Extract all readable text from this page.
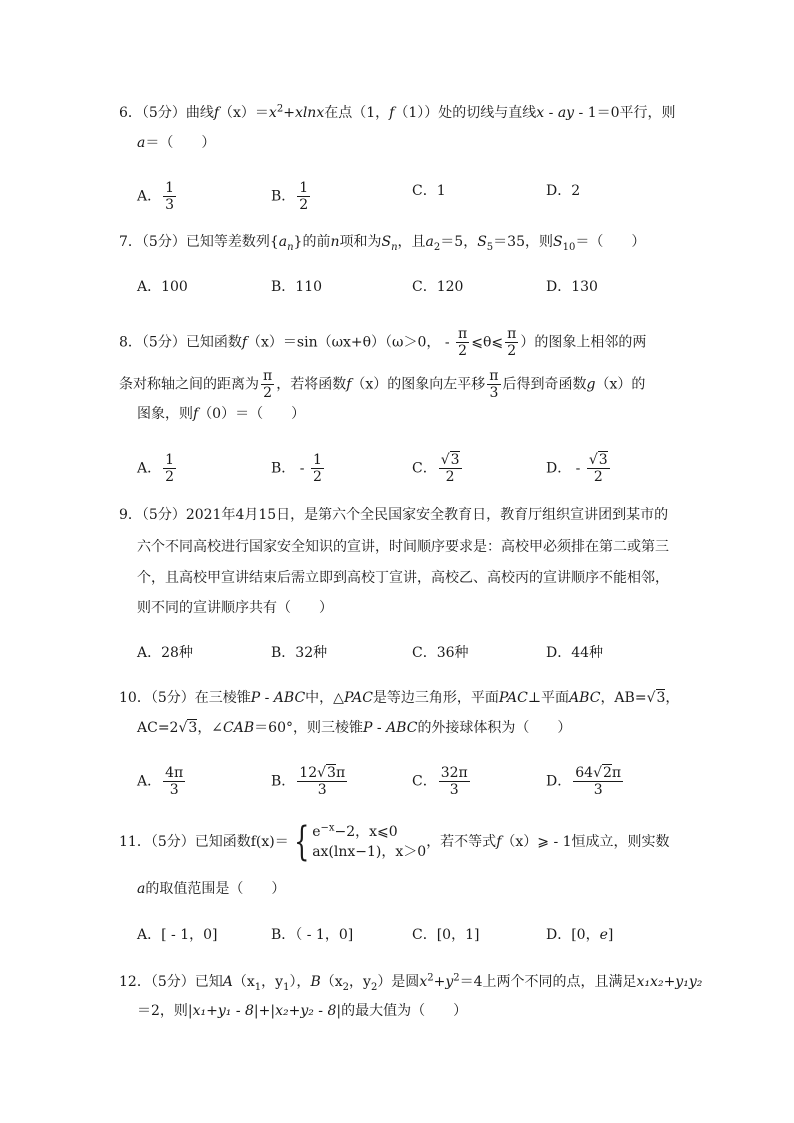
6．（5分）曲线$f(x)=x^2+xlnx$在点（1，f（1））处的切线与直线x - ay - 1＝0平行，则
a＝（　　）
A． $\frac{1}{3}$	B． $\frac{1}{2}$	C．1	D．2
7．（5分）已知等差数列$\{a_n\}$的前n项和为$S_n$，且$a_2=5$，$S_5=35$，则$S_{10}=$（　　）
A．100	B．110	C．120	D．130
8．（5分）已知函数f（x）＝sin（ωx+θ）（ω＞0， - $\frac{\pi}{2}$ ⩽θ⩽ $\frac{\pi}{2}$ ）的图象上相邻的两
条对称轴之间的距离为 $\frac{\pi}{2}$ ，若将函数f（x）的图象向左平移 $\frac{\pi}{3}$ 后得到奇函数g（x）的
图象，则f（0）＝（　　）
A． $\frac{1}{2}$	B． - $\frac{1}{2}$	C． $\frac{√3}{2}$	D． - $\frac{√3}{2}$
9．（5分）2021年4月15日，是第六个全民国家安全教育日，教育厅组织宣讲团到某市的
六个不同高校进行国家安全知识的宣讲，时间顺序要求是：高校甲必须排在第二或第三
个，且高校甲宣讲结束后需立即到高校丁宣讲，高校乙、高校丙的宣讲顺序不能相邻，
则不同的宣讲顺序共有（　　）
A．28种	B．32种	C．36种	D．44种
10．（5分）在三棱锥P - ABC中，△PAC是等边三角形，平面PAC⊥平面ABC，AB=√3，
AC=2√3，∠CAB＝60°，则三棱锥P - ABC的外接球体积为（　　）
A． $\frac{4\pi}{3}$	B． $\frac{12√3\pi}{3}$	C． $\frac{32\pi}{3}$	D． $\frac{64√2\pi}{3}$
11．（5分）已知函数f(x)＝ { $e^{-x}-2$，x⩽0
ax(lnx−1)，x＞0
，若不等式f（x）⩾ - 1恒成立，则实数
a的取值范围是（　　）
A．[ - 1，0]	B．（ - 1，0]	C．[0，1]	D．[0，e]
12．（5分）已知$A(x_1$，$y_1$），$B(x_2$，$y_2$）是圆$x^2+y^2=4$上两个不同的点，且满足x₁x₂+y₁y₂
＝2，则|x₁+y₁ - 8|+|x₂+y₂ - 8|的最大值为（　　）
